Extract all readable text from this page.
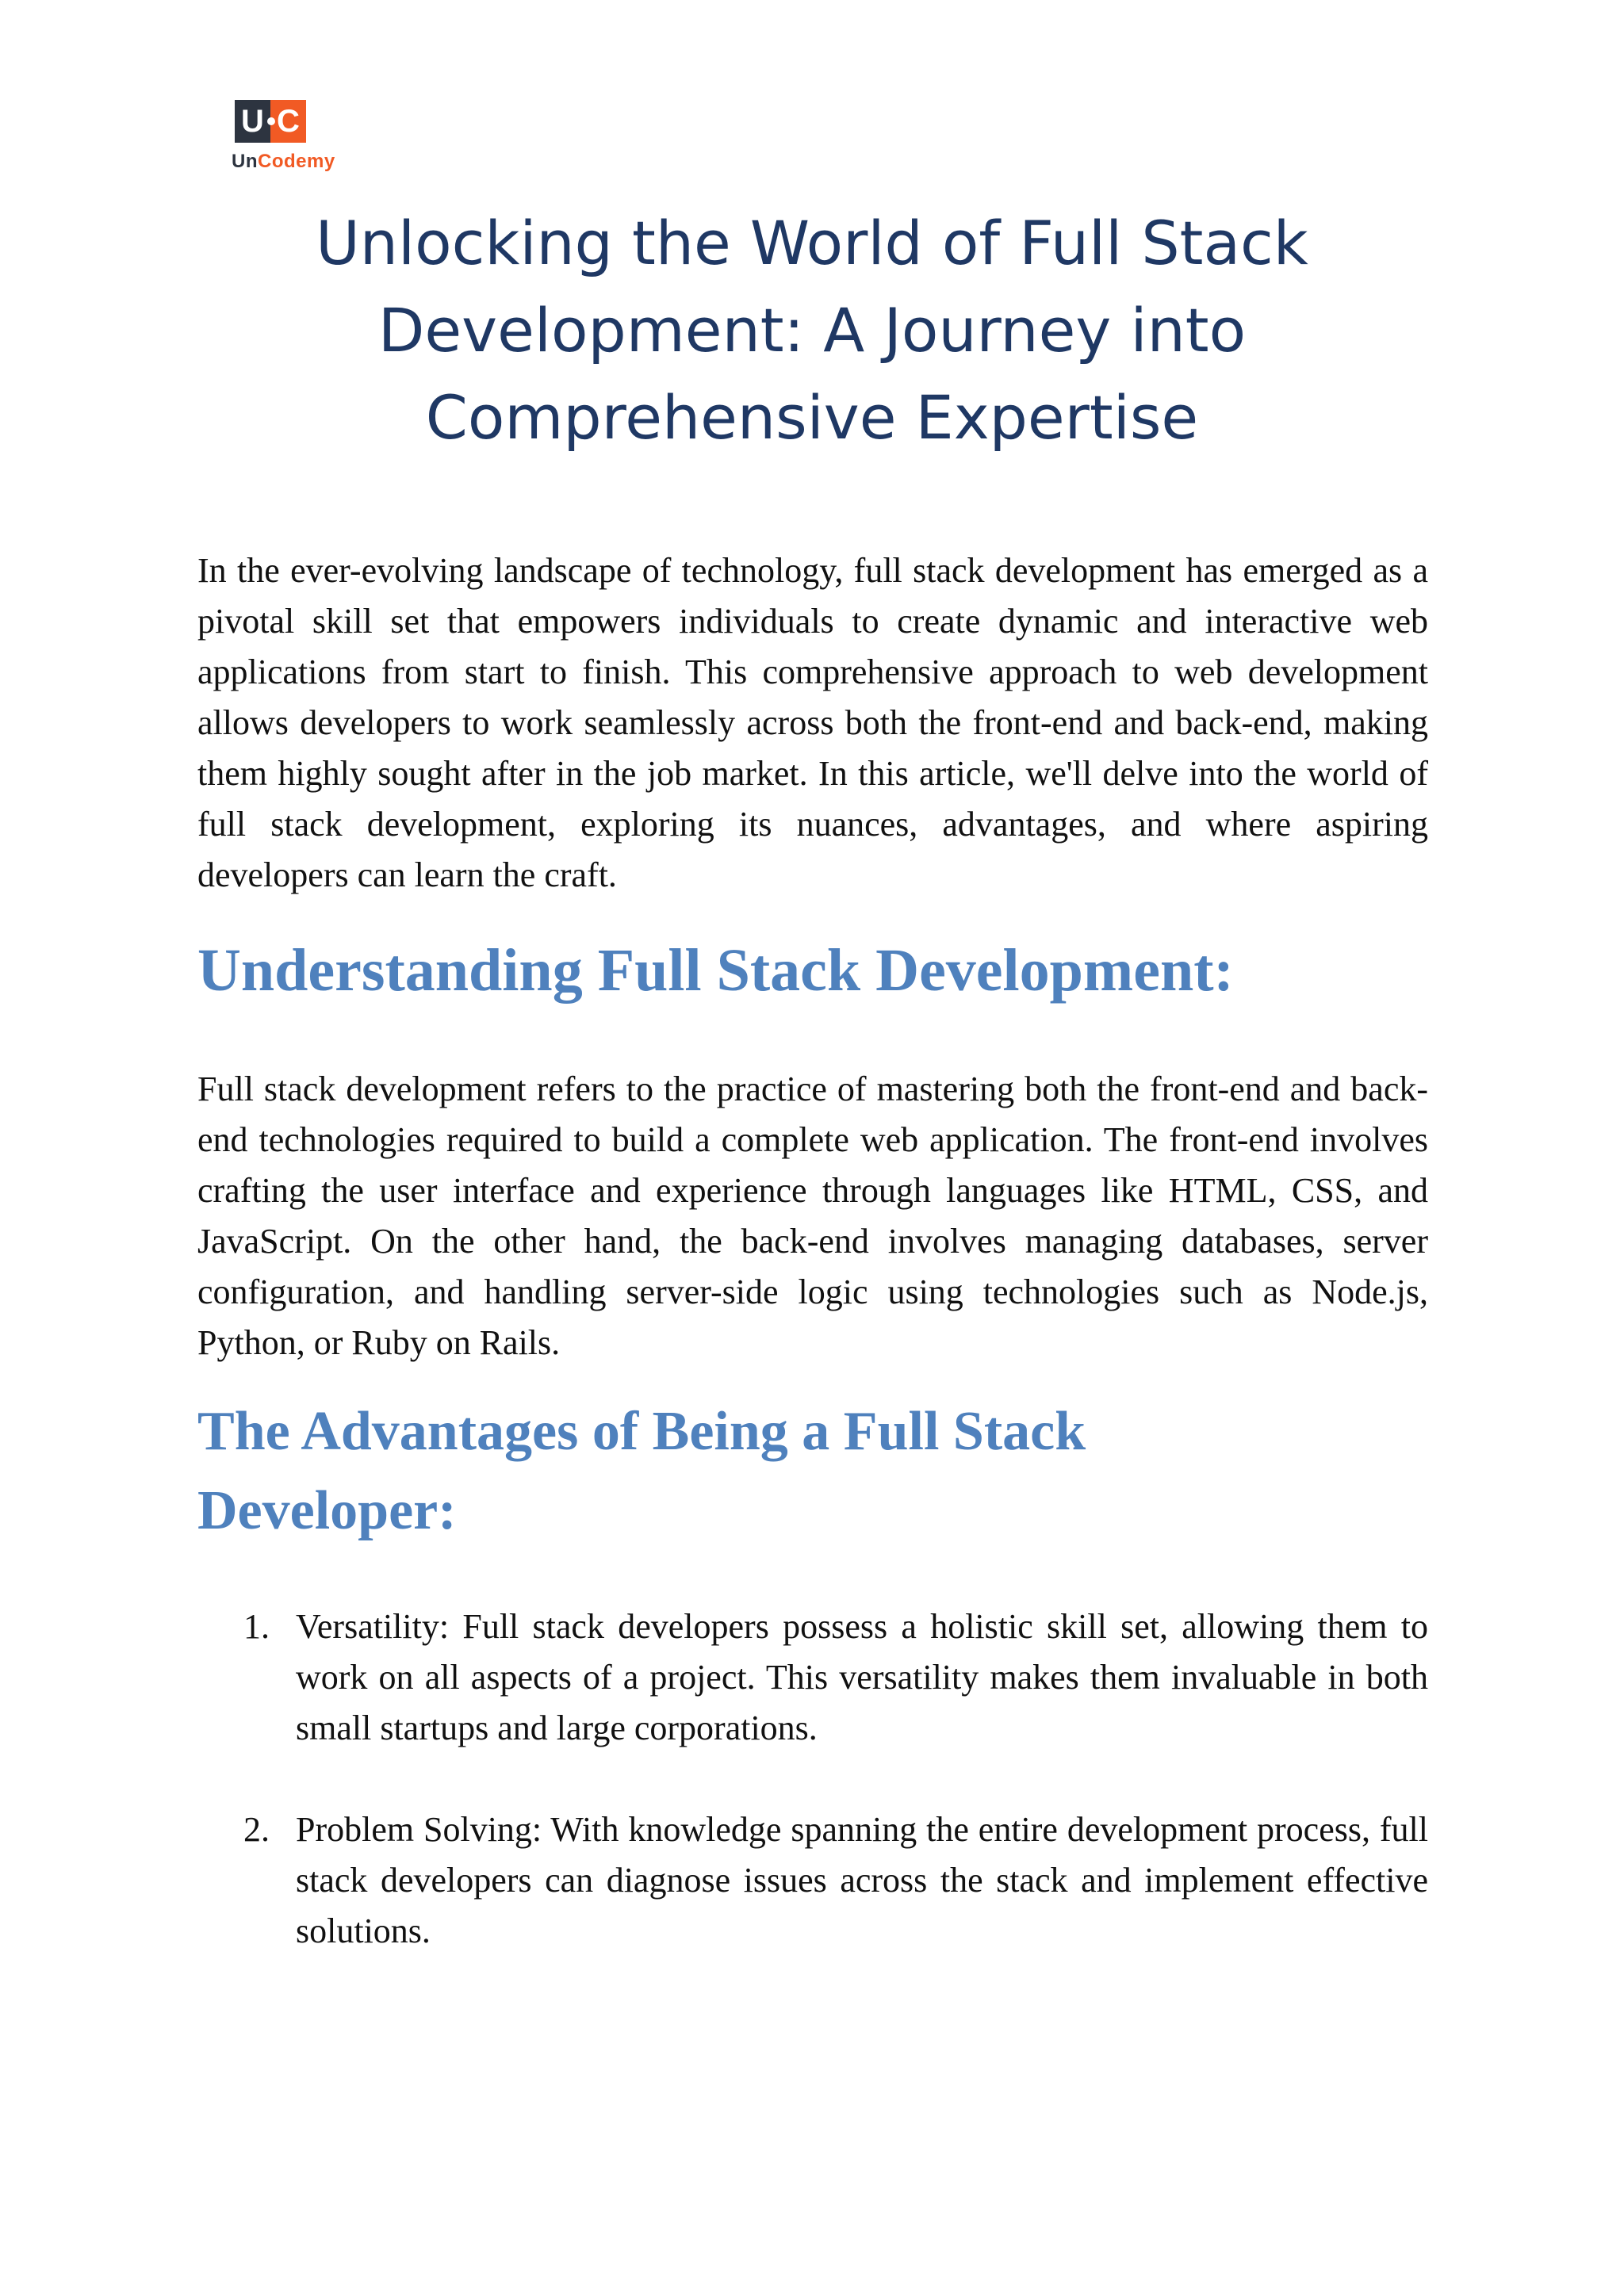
U C
UnCodemy
Unlocking the World of Full Stack Development: A Journey into Comprehensive Expertise

In the ever-evolving landscape of technology, full stack development has emerged as a pivotal skill set that empowers individuals to create dynamic and interactive web applications from start to finish. This comprehensive approach to web development allows developers to work seamlessly across both the front-end and back-end, making them highly sought after in the job market. In this article, we'll delve into the world of full stack development, exploring its nuances, advantages, and where aspiring developers can learn the craft.

Understanding Full Stack Development:

Full stack development refers to the practice of mastering both the front-end and back-end technologies required to build a complete web application. The front-end involves crafting the user interface and experience through languages like HTML, CSS, and JavaScript. On the other hand, the back-end involves managing databases, server configuration, and handling server-side logic using technologies such as Node.js, Python, or Ruby on Rails.

The Advantages of Being a Full Stack Developer:
1. Versatility: Full stack developers possess a holistic skill set, allowing them to work on all aspects of a project. This versatility makes them invaluable in both small startups and large corporations.
2. Problem Solving: With knowledge spanning the entire development process, full stack developers can diagnose issues across the stack and implement effective solutions.
